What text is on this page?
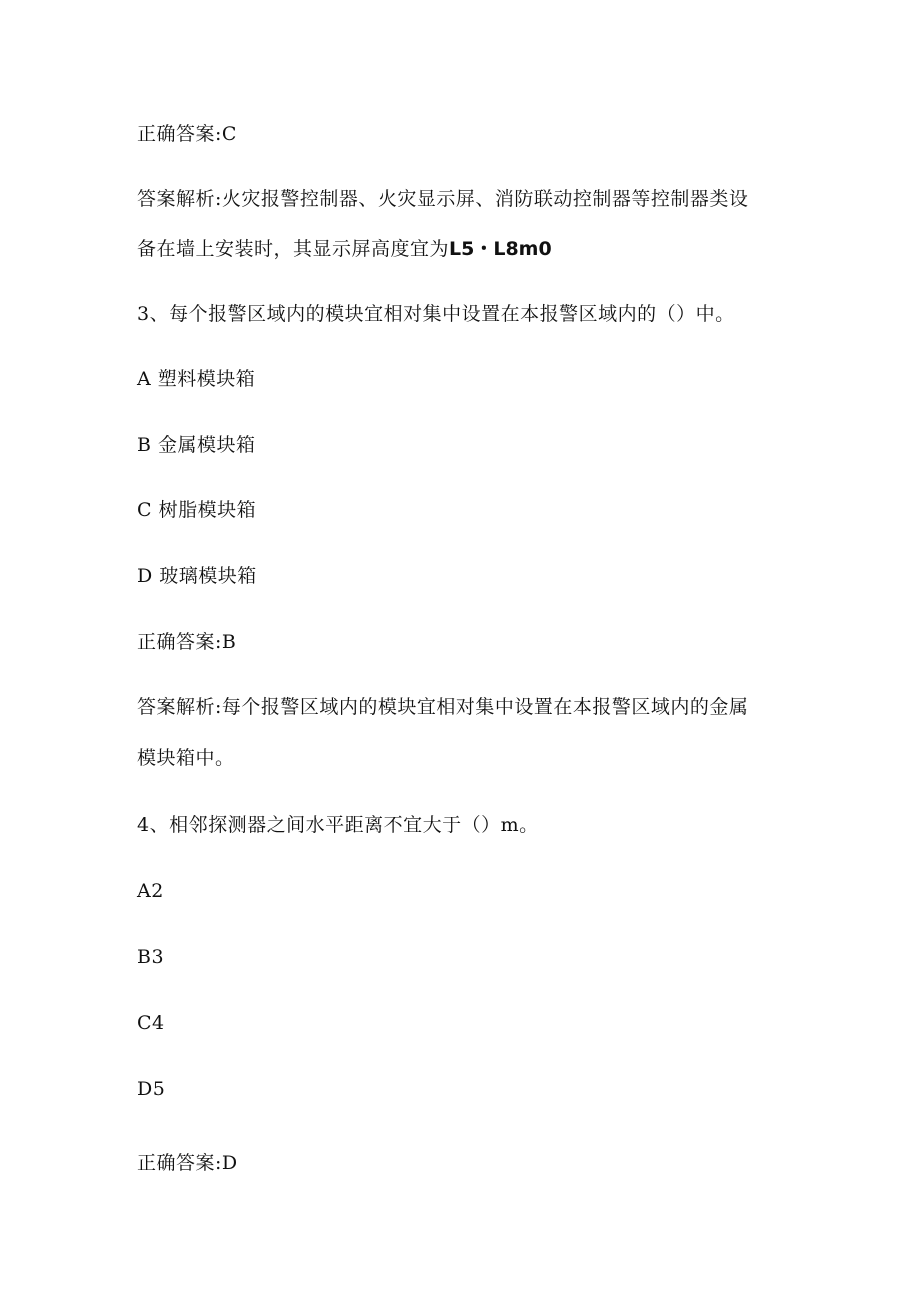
正确答案:C
答案解析:火灾报警控制器、火灾显示屏、消防联动控制器等控制器类设
备在墙上安装时，其显示屏高度宜为L5・L8m0
3、每个报警区域内的模块宜相对集中设置在本报警区域内的（）中。
A 塑料模块箱
B 金属模块箱
C 树脂模块箱
D 玻璃模块箱
正确答案:B
答案解析:每个报警区域内的模块宜相对集中设置在本报警区域内的金属
模块箱中。
4、相邻探测器之间水平距离不宜大于（）m。
A2
B3
C4
D5
正确答案:D
